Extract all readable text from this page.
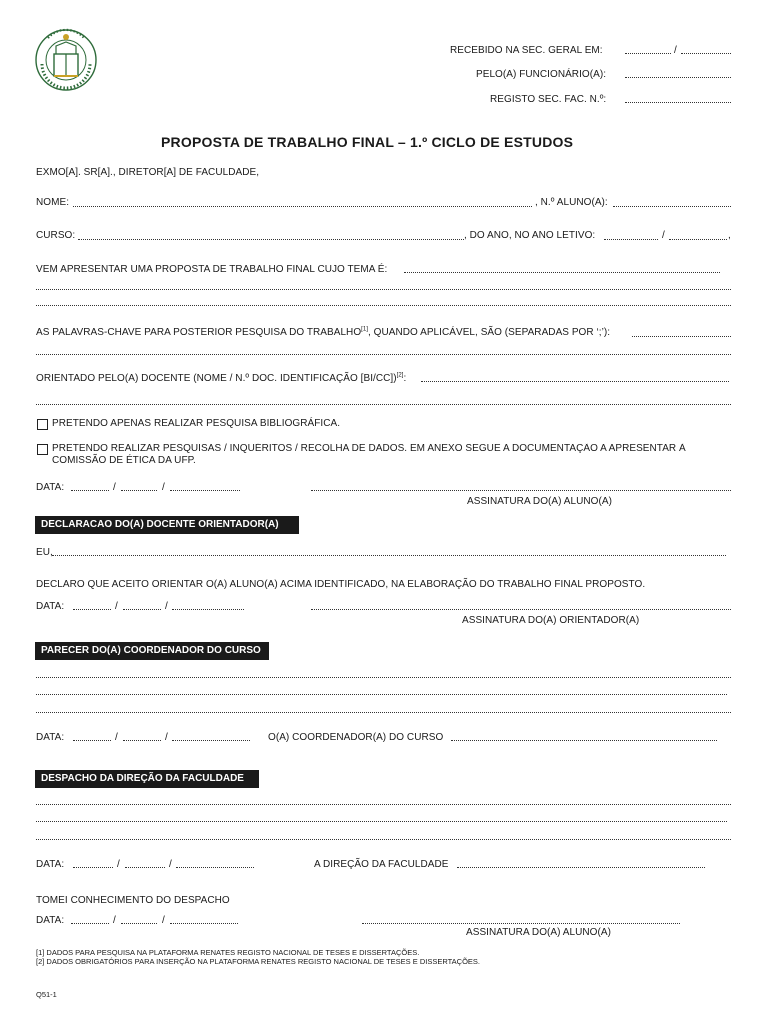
RECEBIDO NA SEC. GERAL EM:	/
PELO(A) FUNCIONÁRIO(A):
REGISTO SEC. FAC. N.º:
PROPOSTA DE TRABALHO FINAL – 1.º CICLO DE ESTUDOS
EXMO[A]. SR[A]., DIRETOR[A] DE FACULDADE,
NOME:	, N.º ALUNO(A):
CURSO:	, DO ANO, NO ANO LETIVO:	/	,
VEM APRESENTAR UMA PROPOSTA DE TRABALHO FINAL CUJO TEMA É:
AS PALAVRAS-CHAVE PARA POSTERIOR PESQUISA DO TRABALHO[1], QUANDO APLICÁVEL, SÃO (SEPARADAS POR ‘;’):
ORIENTADO PELO(A) DOCENTE (NOME / N.º DOC. IDENTIFICAÇÃO [BI/CC])[2]:
PRETENDO APENAS REALIZAR PESQUISA BIBLIOGRÁFICA.
PRETENDO REALIZAR PESQUISAS / INQUÉRITOS / RECOLHA DE DADOS. EM ANEXO SEGUE A DOCUMENTAÇÃO A APRESENTAR À
COMISSÃO DE ÉTICA DA UFP.
DATA:	/	/
ASSINATURA DO(A) ALUNO(A)
DECLARACAO DO(A) DOCENTE ORIENTADOR(A)
EU,
DECLARO QUE ACEITO ORIENTAR O(A) ALUNO(A) ACIMA IDENTIFICADO, NA ELABORAÇÃO DO TRABALHO FINAL PROPOSTO.
DATA:	/	/
ASSINATURA DO(A) ORIENTADOR(A)
PARECER DO(A) COORDENADOR DO CURSO
DATA:	/	/	O(A) COORDENADOR(A) DO CURSO
DESPACHO DA DIREÇÃO DA FACULDADE
DATA:	/	/	A DIREÇÃO DA FACULDADE
TOMEI CONHECIMENTO DO DESPACHO
DATA:	/	/
ASSINATURA DO(A) ALUNO(A)
[1] DADOS PARA PESQUISA NA PLATAFORMA RENATES REGISTO NACIONAL DE TESES E DISSERTAÇÕES.
[2] DADOS OBRIGATÓRIOS PARA INSERÇÃO NA PLATAFORMA RENATES REGISTO NACIONAL DE TESES E DISSERTAÇÕES.
Q51-1
